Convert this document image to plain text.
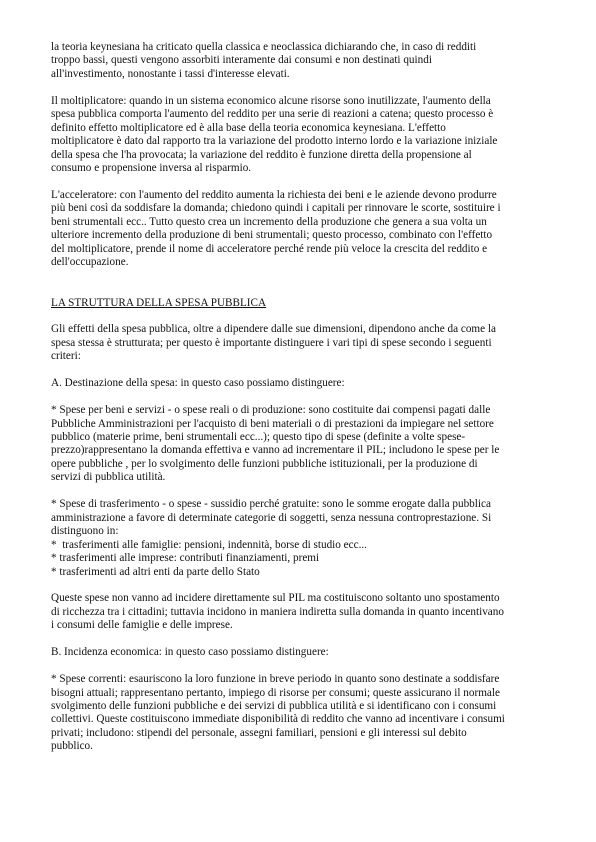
la teoria keynesiana ha criticato quella classica e neoclassica dichiarando che, in caso di redditi
troppo bassi, questi vengono assorbiti interamente dai consumi e non destinati quindi
all'investimento, nonostante i tassi d'interesse elevati.

Il moltiplicatore: quando in un sistema economico alcune risorse sono inutilizzate, l'aumento della
spesa pubblica comporta l'aumento del reddito per una serie di reazioni a catena; questo processo è
definito effetto moltiplicatore ed è alla base della teoria economica keynesiana. L'effetto
moltiplicatore è dato dal rapporto tra la variazione del prodotto interno lordo e la variazione iniziale
della spesa che l'ha provocata; la variazione del reddito è funzione diretta della propensione al
consumo e propensione inversa al risparmio.

L'acceleratore: con l'aumento del reddito aumenta la richiesta dei beni e le aziende devono produrre
più beni così da soddisfare la domanda; chiedono quindi i capitali per rinnovare le scorte, sostituire i
beni strumentali ecc.. Tutto questo crea un incremento della produzione che genera a sua volta un
ulteriore incremento della produzione di beni strumentali; questo processo, combinato con l'effetto
del moltiplicatore, prende il nome di acceleratore perché rende più veloce la crescita del reddito e
dell'occupazione.

LA STRUTTURA DELLA SPESA PUBBLICA

Gli effetti della spesa pubblica, oltre a dipendere dalle sue dimensioni, dipendono anche da come la
spesa stessa è strutturata; per questo è importante distinguere i vari tipi di spese secondo i seguenti
criteri:

A. Destinazione della spesa: in questo caso possiamo distinguere:

* Spese per beni e servizi - o spese reali o di produzione: sono costituite dai compensi pagati dalle
Pubbliche Amministrazioni per l'acquisto di beni materiali o di prestazioni da impiegare nel settore
pubblico (materie prime, beni strumentali ecc...); questo tipo di spese (definite a volte spese-
prezzo)rappresentano la domanda effettiva e vanno ad incrementare il PIL; includono le spese per le
opere pubbliche , per lo svolgimento delle funzioni pubbliche istituzionali, per la produzione di
servizi di pubblica utilità.

* Spese di trasferimento - o spese - sussidio perché gratuite: sono le somme erogate dalla pubblica
amministrazione a favore di determinate categorie di soggetti, senza nessuna controprestazione. Si
distinguono in:
*  trasferimenti alle famiglie: pensioni, indennità, borse di studio ecc...
* trasferimenti alle imprese: contributi finanziamenti, premi
* trasferimenti ad altri enti da parte dello Stato

Queste spese non vanno ad incidere direttamente sul PIL ma costituiscono soltanto uno spostamento
di ricchezza tra i cittadini; tuttavia incidono in maniera indiretta sulla domanda in quanto incentivano
i consumi delle famiglie e delle imprese.

B. Incidenza economica: in questo caso possiamo distinguere:

* Spese correnti: esauriscono la loro funzione in breve periodo in quanto sono destinate a soddisfare
bisogni attuali; rappresentano pertanto, impiego di risorse per consumi; queste assicurano il normale
svolgimento delle funzioni pubbliche e dei servizi di pubblica utilità e si identificano con i consumi
collettivi. Queste costituiscono immediate disponibilità di reddito che vanno ad incentivare i consumi
privati; includono: stipendi del personale, assegni familiari, pensioni e gli interessi sul debito
pubblico.
